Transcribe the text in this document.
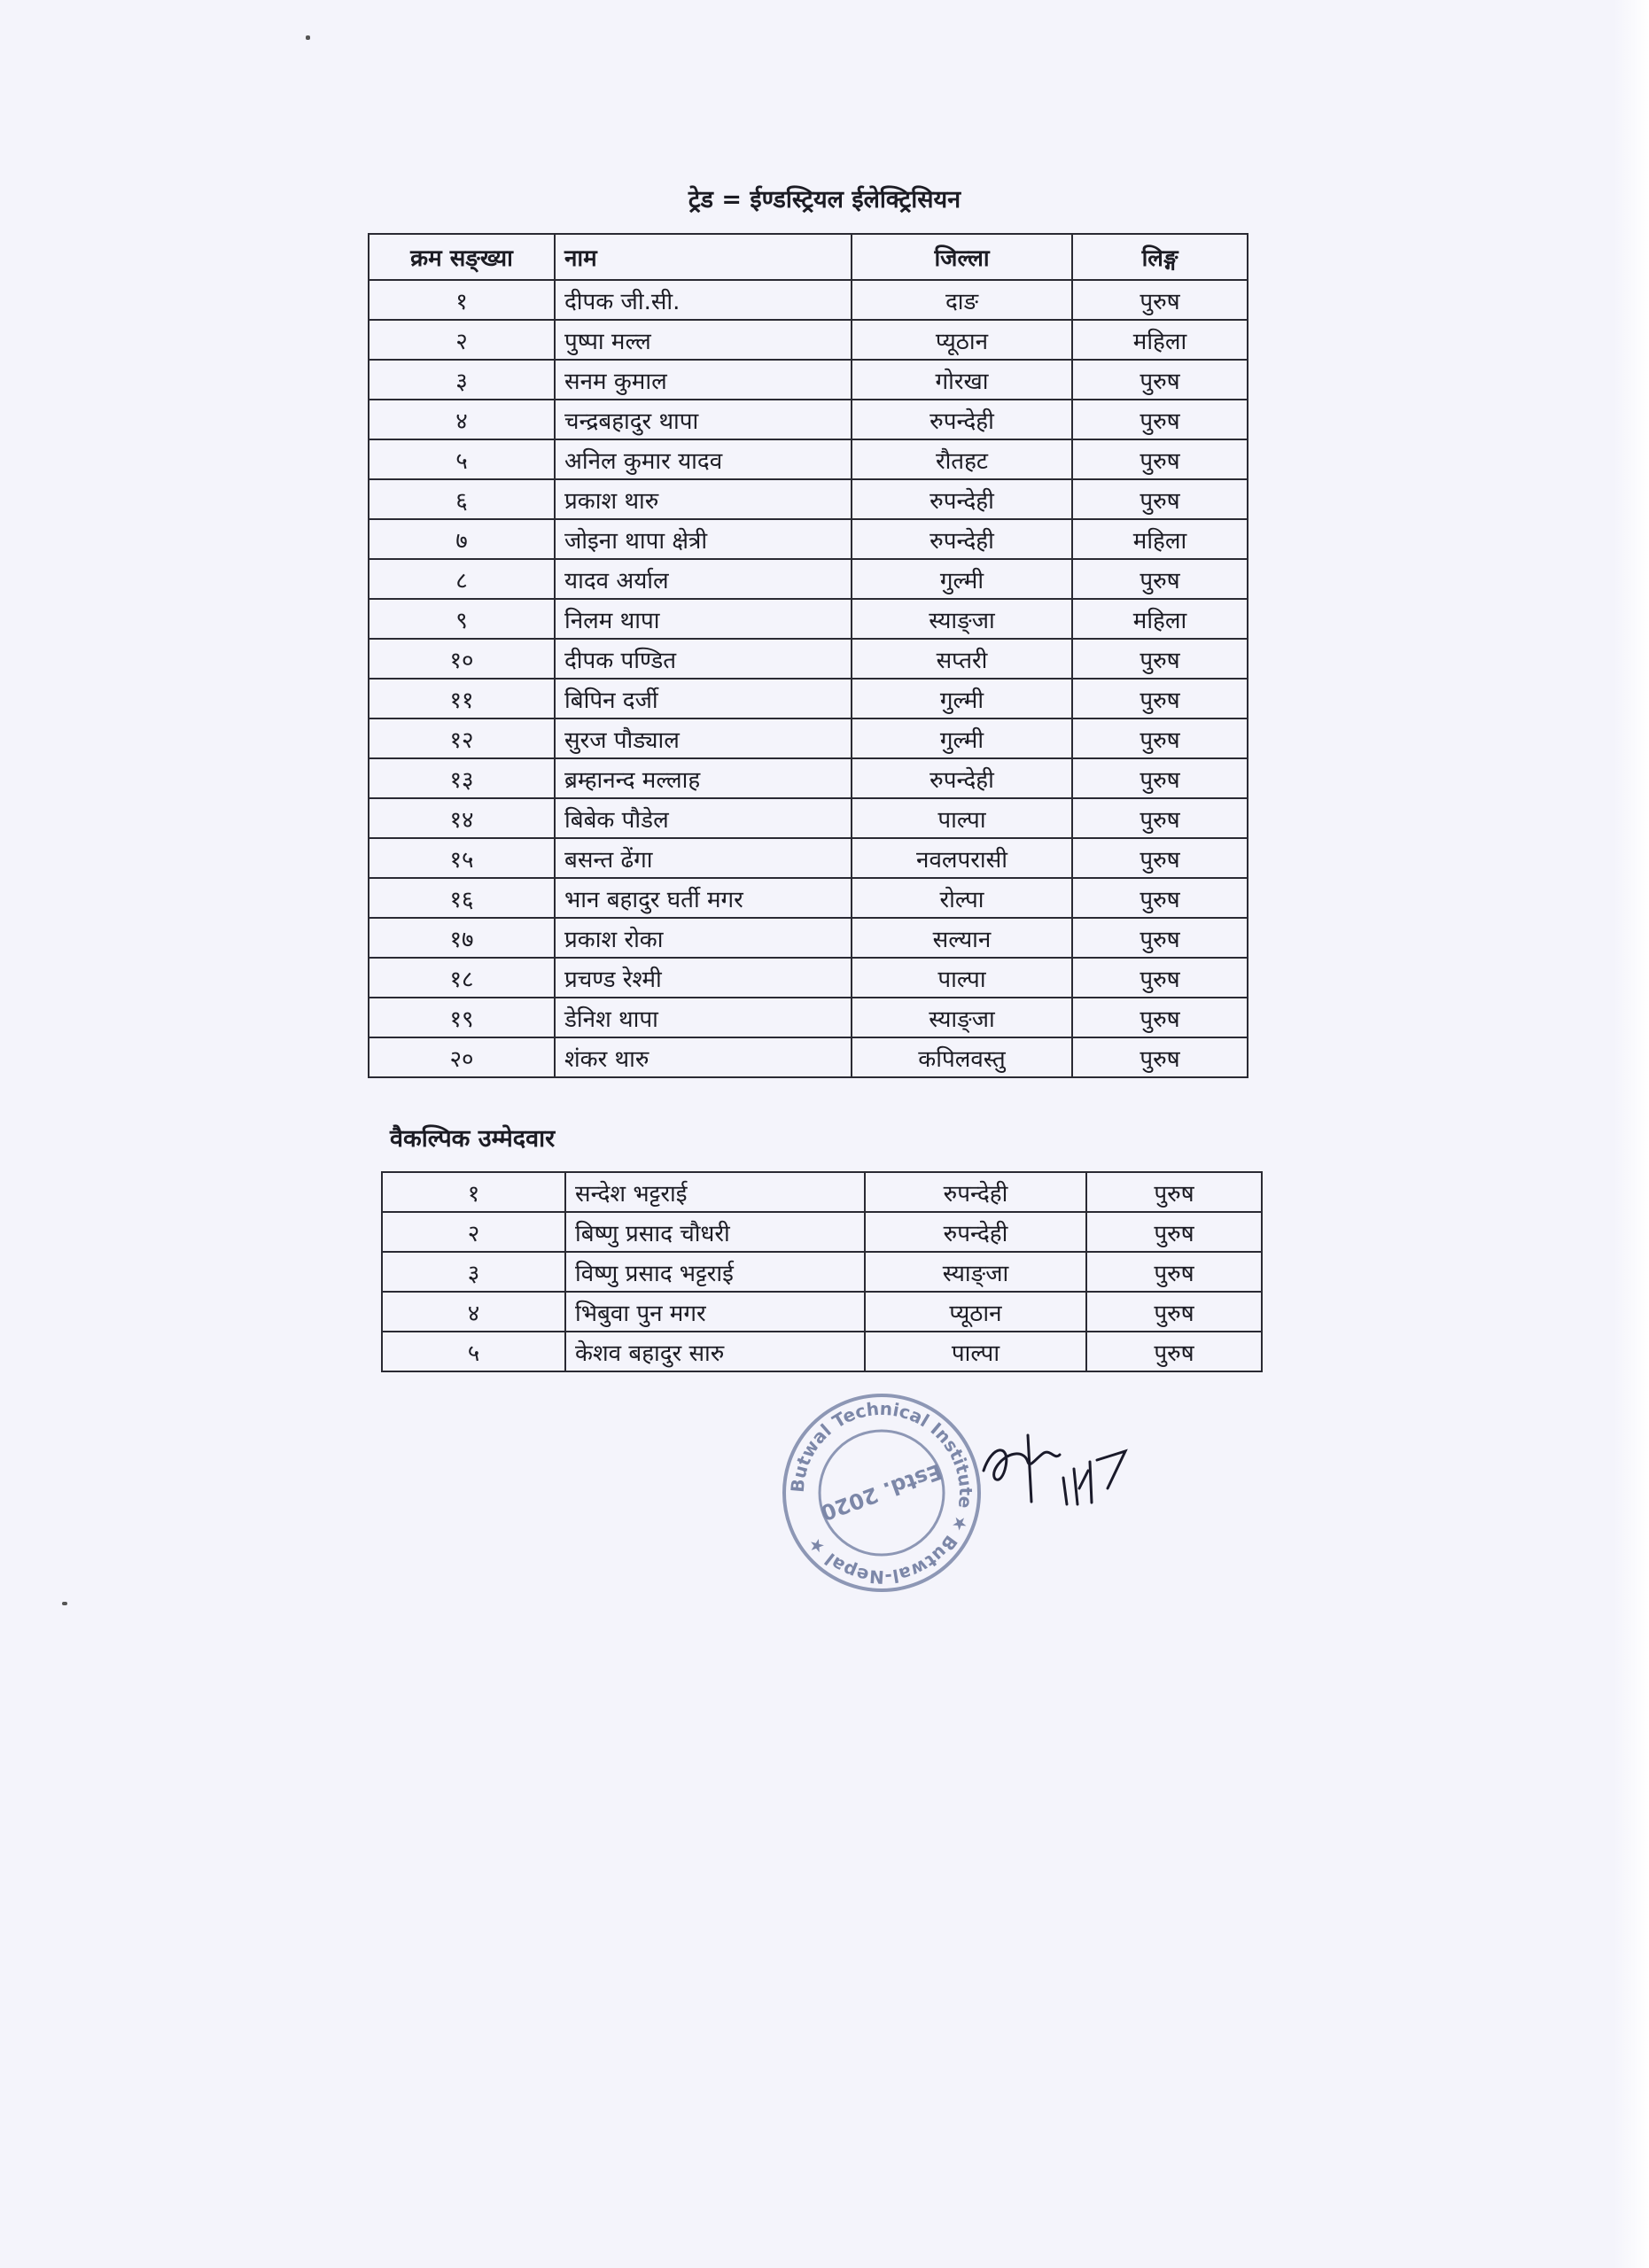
ट्रेड = ईण्डस्ट्रियल ईलेक्ट्रिसियन
क्रम सङ्ख्या	नाम	जिल्ला	लिङ्ग
१	दीपक जी.सी.	दाङ	पुरुष
२	पुष्पा मल्ल	प्यूठान	महिला
३	सनम कुमाल	गोरखा	पुरुष
४	चन्द्रबहादुर थापा	रुपन्देही	पुरुष
५	अनिल कुमार यादव	रौतहट	पुरुष
६	प्रकाश थारु	रुपन्देही	पुरुष
७	जोइना थापा क्षेत्री	रुपन्देही	महिला
८	यादव अर्याल	गुल्मी	पुरुष
९	निलम थापा	स्याङ्जा	महिला
१०	दीपक पण्डित	सप्तरी	पुरुष
११	बिपिन दर्जी	गुल्मी	पुरुष
१२	सुरज पौड्याल	गुल्मी	पुरुष
१३	ब्रम्हानन्द मल्लाह	रुपन्देही	पुरुष
१४	बिबेक पौडेल	पाल्पा	पुरुष
१५	बसन्त ढेंगा	नवलपरासी	पुरुष
१६	भान बहादुर घर्ती मगर	रोल्पा	पुरुष
१७	प्रकाश रोका	सल्यान	पुरुष
१८	प्रचण्ड रेश्मी	पाल्पा	पुरुष
१९	डेनिश थापा	स्याङ्जा	पुरुष
२०	शंकर थारु	कपिलवस्तु	पुरुष
वैकल्पिक उम्मेदवार
१	सन्देश भट्टराई	रुपन्देही	पुरुष
२	बिष्णु प्रसाद चौधरी	रुपन्देही	पुरुष
३	विष्णु प्रसाद भट्टराई	स्याङ्जा	पुरुष
४	भिबुवा पुन मगर	प्यूठान	पुरुष
५	केशव बहादुर सारु	पाल्पा	पुरुष
Butwal Technical Institute ★ Butwal-Nepal ★
Estd. 2020
